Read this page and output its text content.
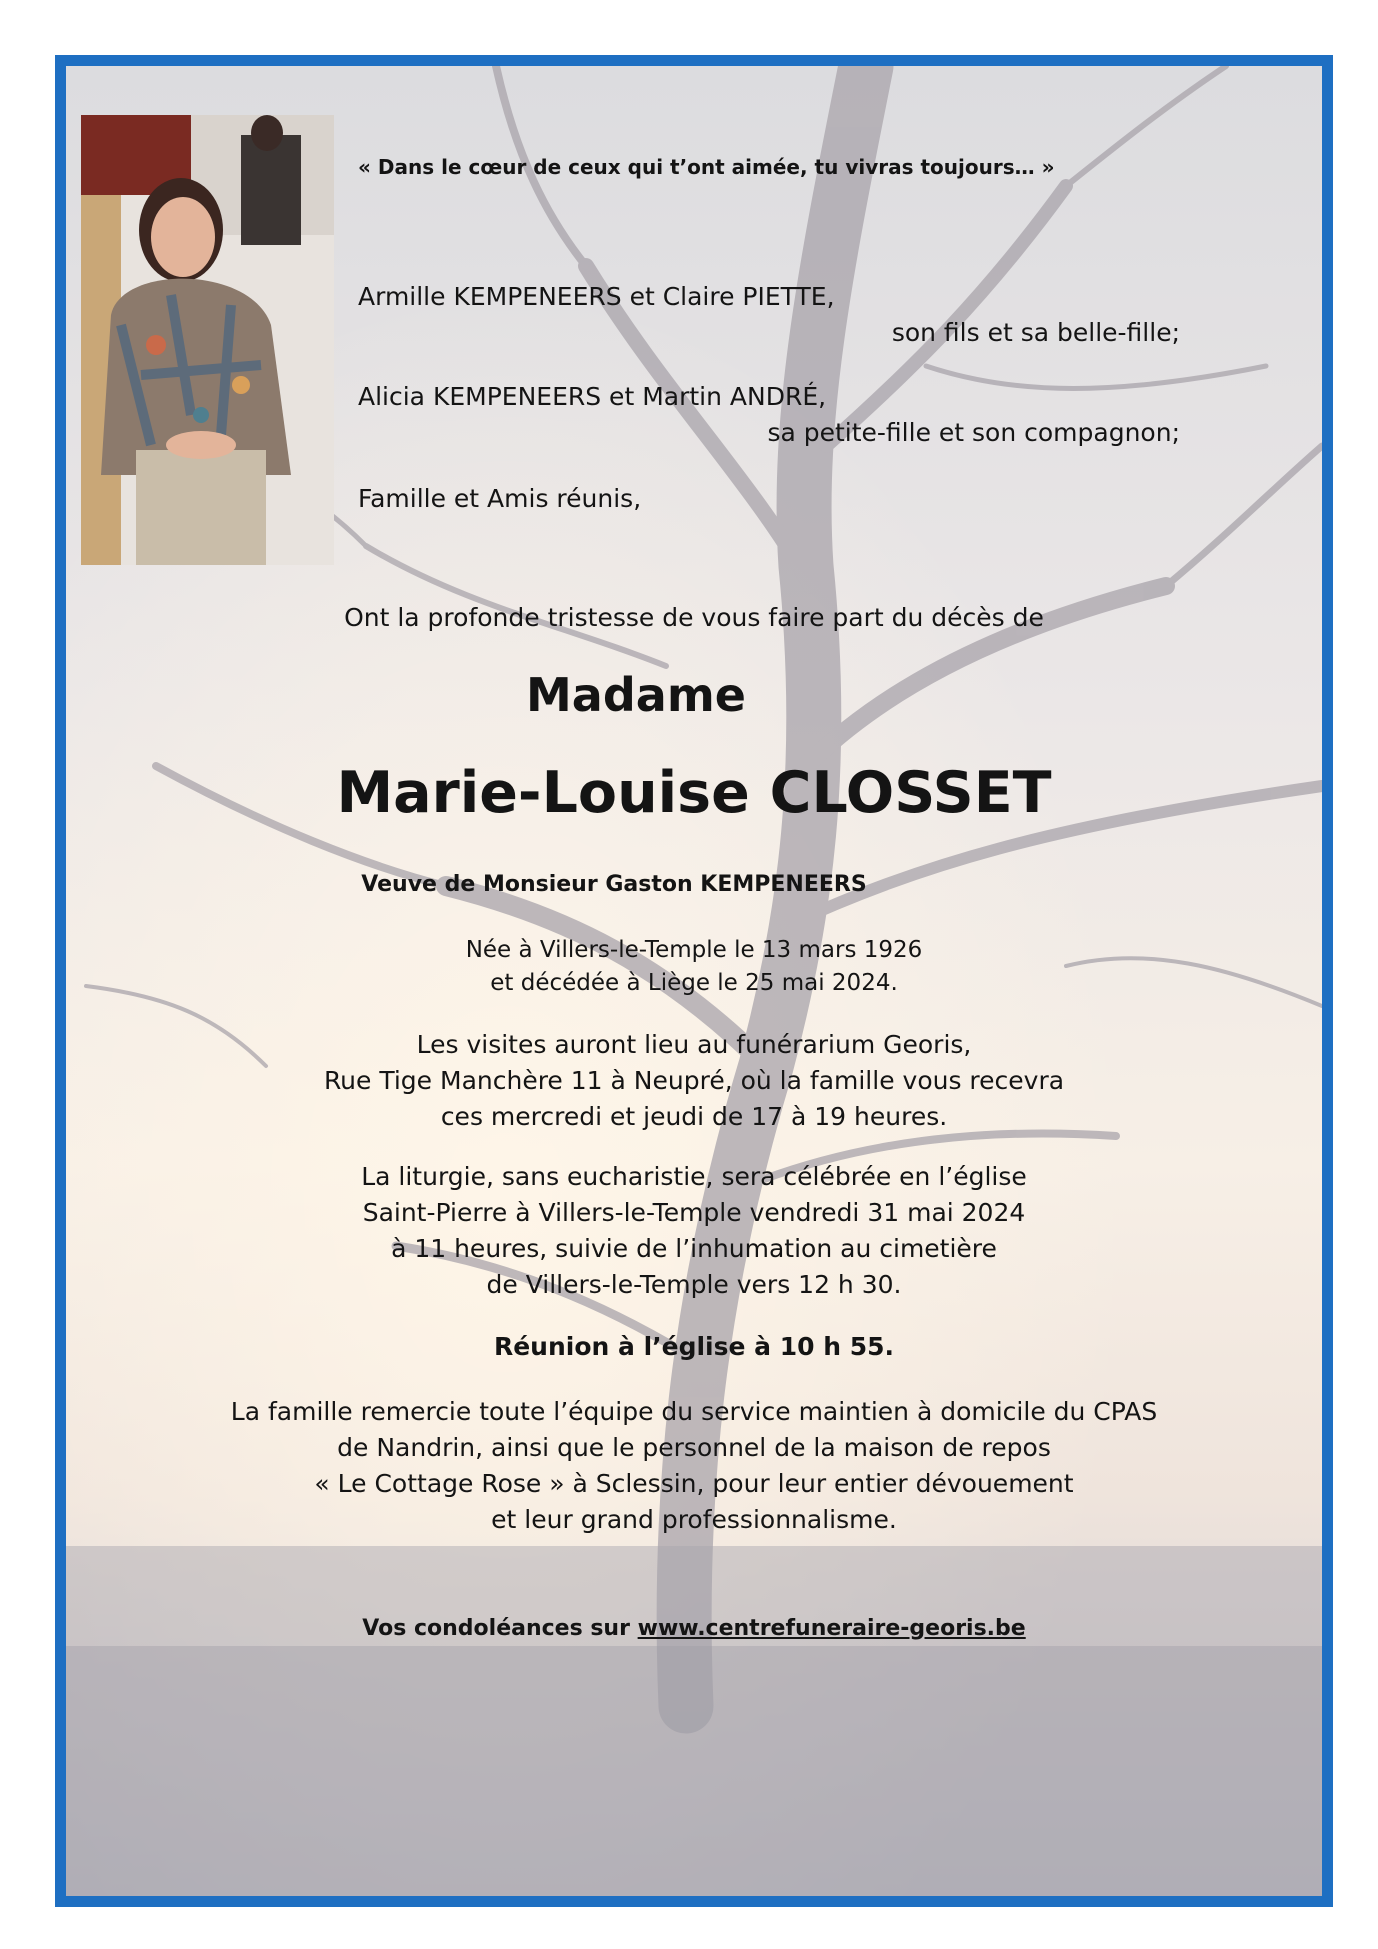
« Dans le cœur de ceux qui t’ont aimée, tu vivras toujours… »
Armille KEMPENEERS et Claire PIETTE,
son fils et sa belle-fille;
Alicia KEMPENEERS et Martin ANDRÉ,
sa petite-fille et son compagnon;
Famille et Amis réunis,
Ont la profonde tristesse de vous faire part du décès de
Madame
Marie-Louise CLOSSET
Veuve de Monsieur Gaston KEMPENEERS
Née à Villers-le-Temple le 13 mars 1926
et décédée à Liège le 25 mai 2024.
Les visites auront lieu au funérarium Georis,
Rue Tige Manchère 11 à Neupré, où la famille vous recevra
ces mercredi et jeudi de 17 à 19 heures.
La liturgie, sans eucharistie, sera célébrée en l’église
Saint-Pierre à Villers-le-Temple vendredi 31 mai 2024
à 11 heures, suivie de l’inhumation au cimetière
de Villers-le-Temple vers 12 h 30.
Réunion à l’église à 10 h 55.
La famille remercie toute l’équipe du service maintien à domicile du CPAS
de Nandrin, ainsi que le personnel de la maison de repos
« Le Cottage Rose » à Sclessin, pour leur entier dévouement
et leur grand professionnalisme.
Vos condoléances sur www.centrefuneraire-georis.be
